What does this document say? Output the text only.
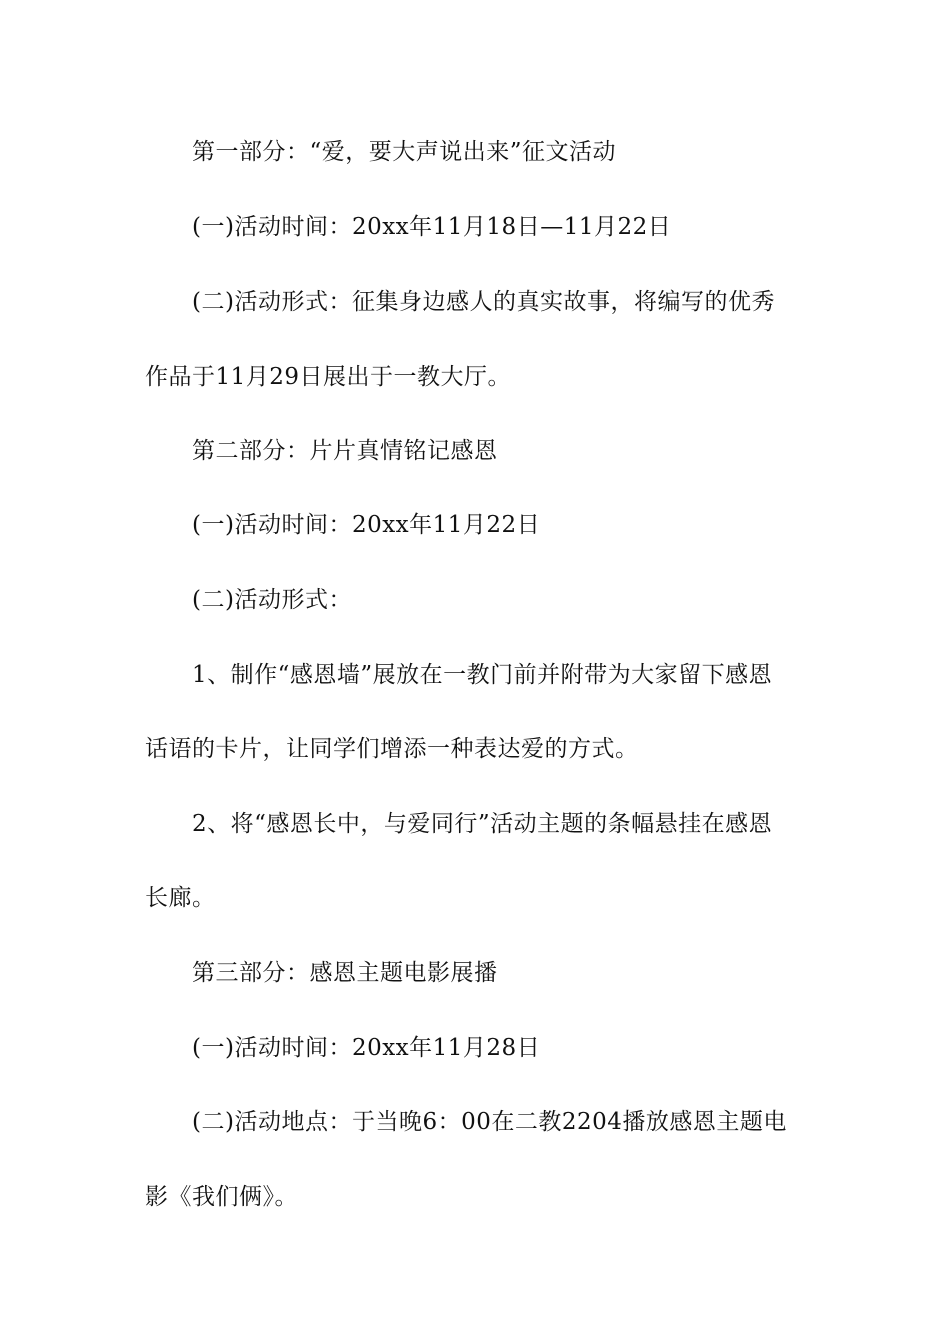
第一部分：“爱，要大声说出来”征文活动
(一)活动时间：20xx年11月18日—11月22日
(二)活动形式：征集身边感人的真实故事，将编写的优秀
作品于11月29日展出于一教大厅。
第二部分：片片真情铭记感恩
(一)活动时间：20xx年11月22日
(二)活动形式：
1、制作“感恩墙”展放在一教门前并附带为大家留下感恩
话语的卡片，让同学们增添一种表达爱的方式。
2、将“感恩长中，与爱同行”活动主题的条幅悬挂在感恩
长廊。
第三部分：感恩主题电影展播
(一)活动时间：20xx年11月28日
(二)活动地点：于当晚6：00在二教2204播放感恩主题电
影《我们俩》。
